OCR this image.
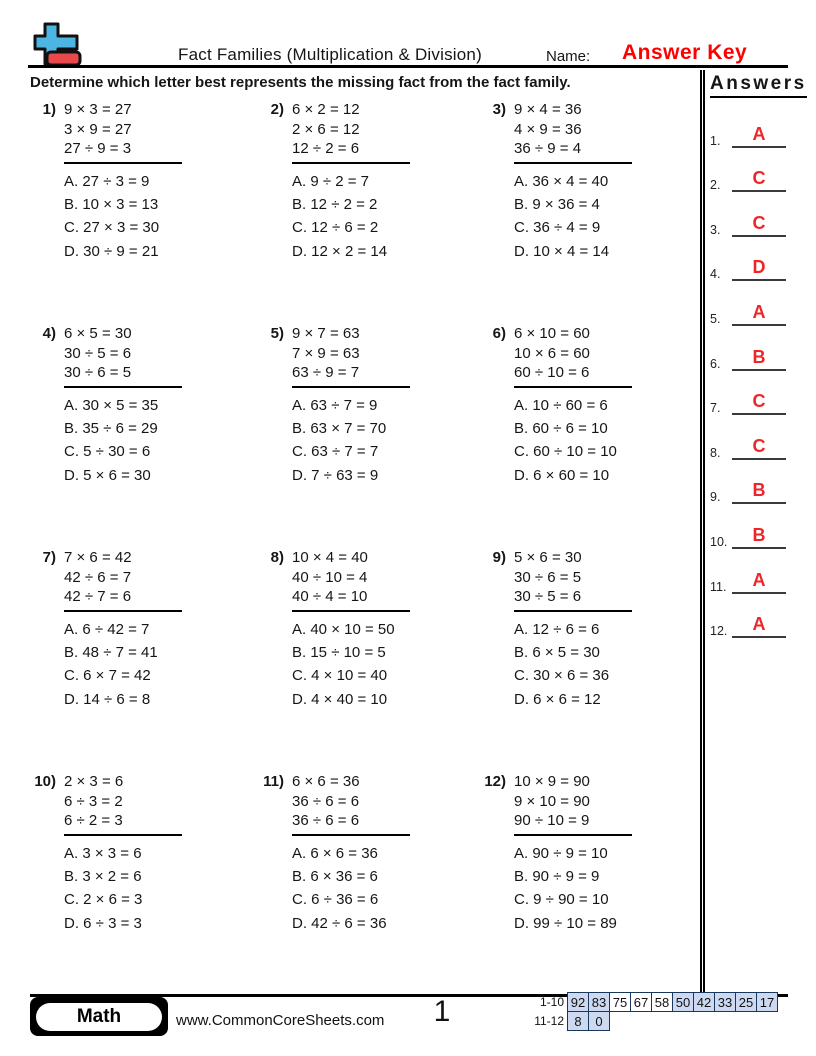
Fact Families (Multiplication & Division)	Name: Answer Key
Determine which letter best represents the missing fact from the fact family.
1) 9 × 3 = 27
3 × 9 = 27
27 ÷ 9 = 3
A. 27 ÷ 3 = 9
B. 10 × 3 = 13
C. 27 × 3 = 30
D. 30 ÷ 9 = 21
2) 6 × 2 = 12
2 × 6 = 12
12 ÷ 2 = 6
A. 9 ÷ 2 = 7
B. 12 ÷ 2 = 2
C. 12 ÷ 6 = 2
D. 12 × 2 = 14
3) 9 × 4 = 36
4 × 9 = 36
36 ÷ 9 = 4
A. 36 × 4 = 40
B. 9 × 36 = 4
C. 36 ÷ 4 = 9
D. 10 × 4 = 14
4) 6 × 5 = 30
30 ÷ 5 = 6
30 ÷ 6 = 5
A. 30 × 5 = 35
B. 35 ÷ 6 = 29
C. 5 ÷ 30 = 6
D. 5 × 6 = 30
5) 9 × 7 = 63
7 × 9 = 63
63 ÷ 9 = 7
A. 63 ÷ 7 = 9
B. 63 × 7 = 70
C. 63 ÷ 7 = 7
D. 7 ÷ 63 = 9
6) 6 × 10 = 60
10 × 6 = 60
60 ÷ 10 = 6
A. 10 ÷ 60 = 6
B. 60 ÷ 6 = 10
C. 60 ÷ 10 = 10
D. 6 × 60 = 10
7) 7 × 6 = 42
42 ÷ 6 = 7
42 ÷ 7 = 6
A. 6 ÷ 42 = 7
B. 48 ÷ 7 = 41
C. 6 × 7 = 42
D. 14 ÷ 6 = 8
8) 10 × 4 = 40
40 ÷ 10 = 4
40 ÷ 4 = 10
A. 40 × 10 = 50
B. 15 ÷ 10 = 5
C. 4 × 10 = 40
D. 4 × 40 = 10
9) 5 × 6 = 30
30 ÷ 6 = 5
30 ÷ 5 = 6
A. 12 ÷ 6 = 6
B. 6 × 5 = 30
C. 30 × 6 = 36
D. 6 × 6 = 12
10) 2 × 3 = 6
6 ÷ 3 = 2
6 ÷ 2 = 3
A. 3 × 3 = 6
B. 3 × 2 = 6
C. 2 × 6 = 3
D. 6 ÷ 3 = 3
11) 6 × 6 = 36
36 ÷ 6 = 6
36 ÷ 6 = 6
A. 6 × 6 = 36
B. 6 × 36 = 6
C. 6 ÷ 36 = 6
D. 42 ÷ 6 = 36
12) 10 × 9 = 90
9 × 10 = 90
90 ÷ 10 = 9
A. 90 ÷ 9 = 10
B. 90 ÷ 9 = 9
C. 9 ÷ 90 = 10
D. 99 ÷ 10 = 89
Answers
1.	A
2.	C
3.	C
4.	D
5.	A
6.	B
7.	C
8.	C
9.	B
10.	B
11.	A
12.	A
Math	www.CommonCoreSheets.com	1	1-10 92 83 75 67 58 50 42 33 25 17
11-12 8	0
